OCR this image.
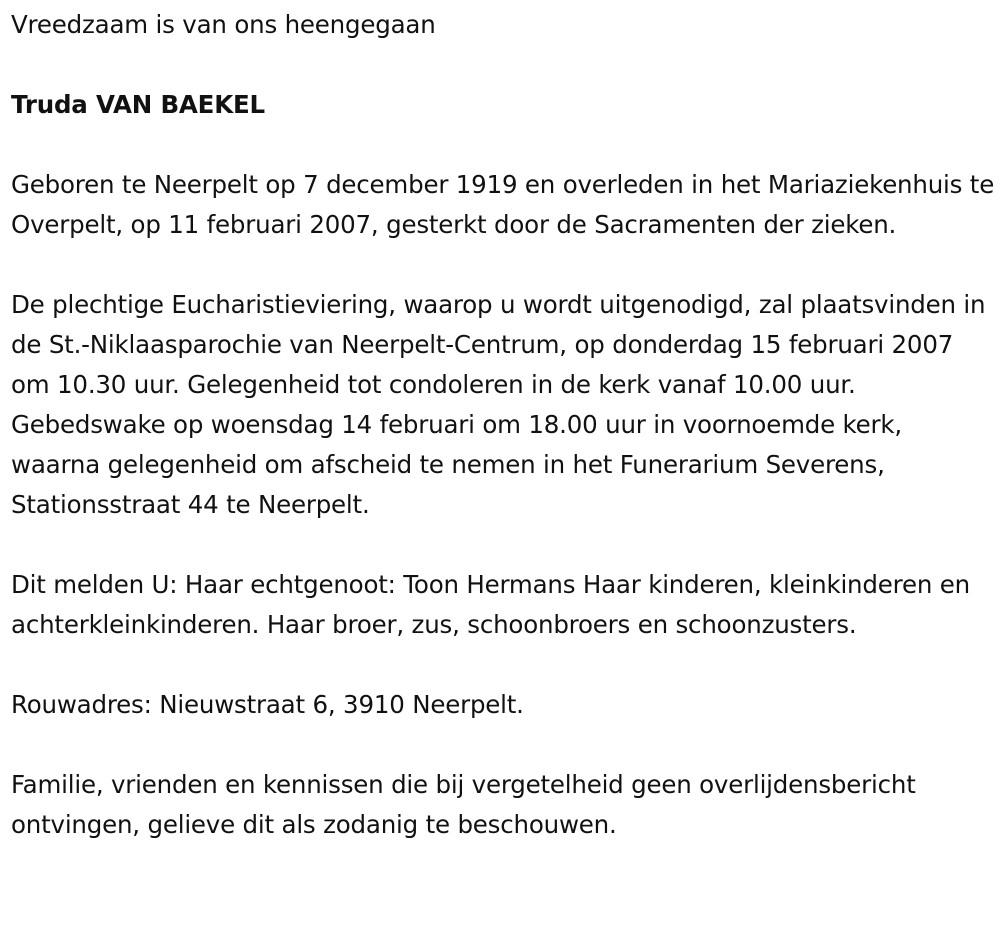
Vreedzaam is van ons heengegaan

Truda VAN BAEKEL

Geboren te Neerpelt op 7 december 1919 en overleden in het Mariaziekenhuis te Overpelt, op 11 februari 2007, gesterkt door de Sacramenten der zieken.

De plechtige Eucharistieviering, waarop u wordt uitgenodigd, zal plaatsvinden in de St.-Niklaasparochie van Neerpelt-Centrum, op donderdag 15 februari 2007 om 10.30 uur. Gelegenheid tot condoleren in de kerk vanaf 10.00 uur. Gebedswake op woensdag 14 februari om 18.00 uur in voornoemde kerk, waarna gelegenheid om afscheid te nemen in het Funerarium Severens, Stationsstraat 44 te Neerpelt.

Dit melden U: Haar echtgenoot: Toon Hermans Haar kinderen, kleinkinderen en achterkleinkinderen. Haar broer, zus, schoonbroers en schoonzusters.

Rouwadres: Nieuwstraat 6, 3910 Neerpelt.

Familie, vrienden en kennissen die bij vergetelheid geen overlijdensbericht ontvingen, gelieve dit als zodanig te beschouwen.
